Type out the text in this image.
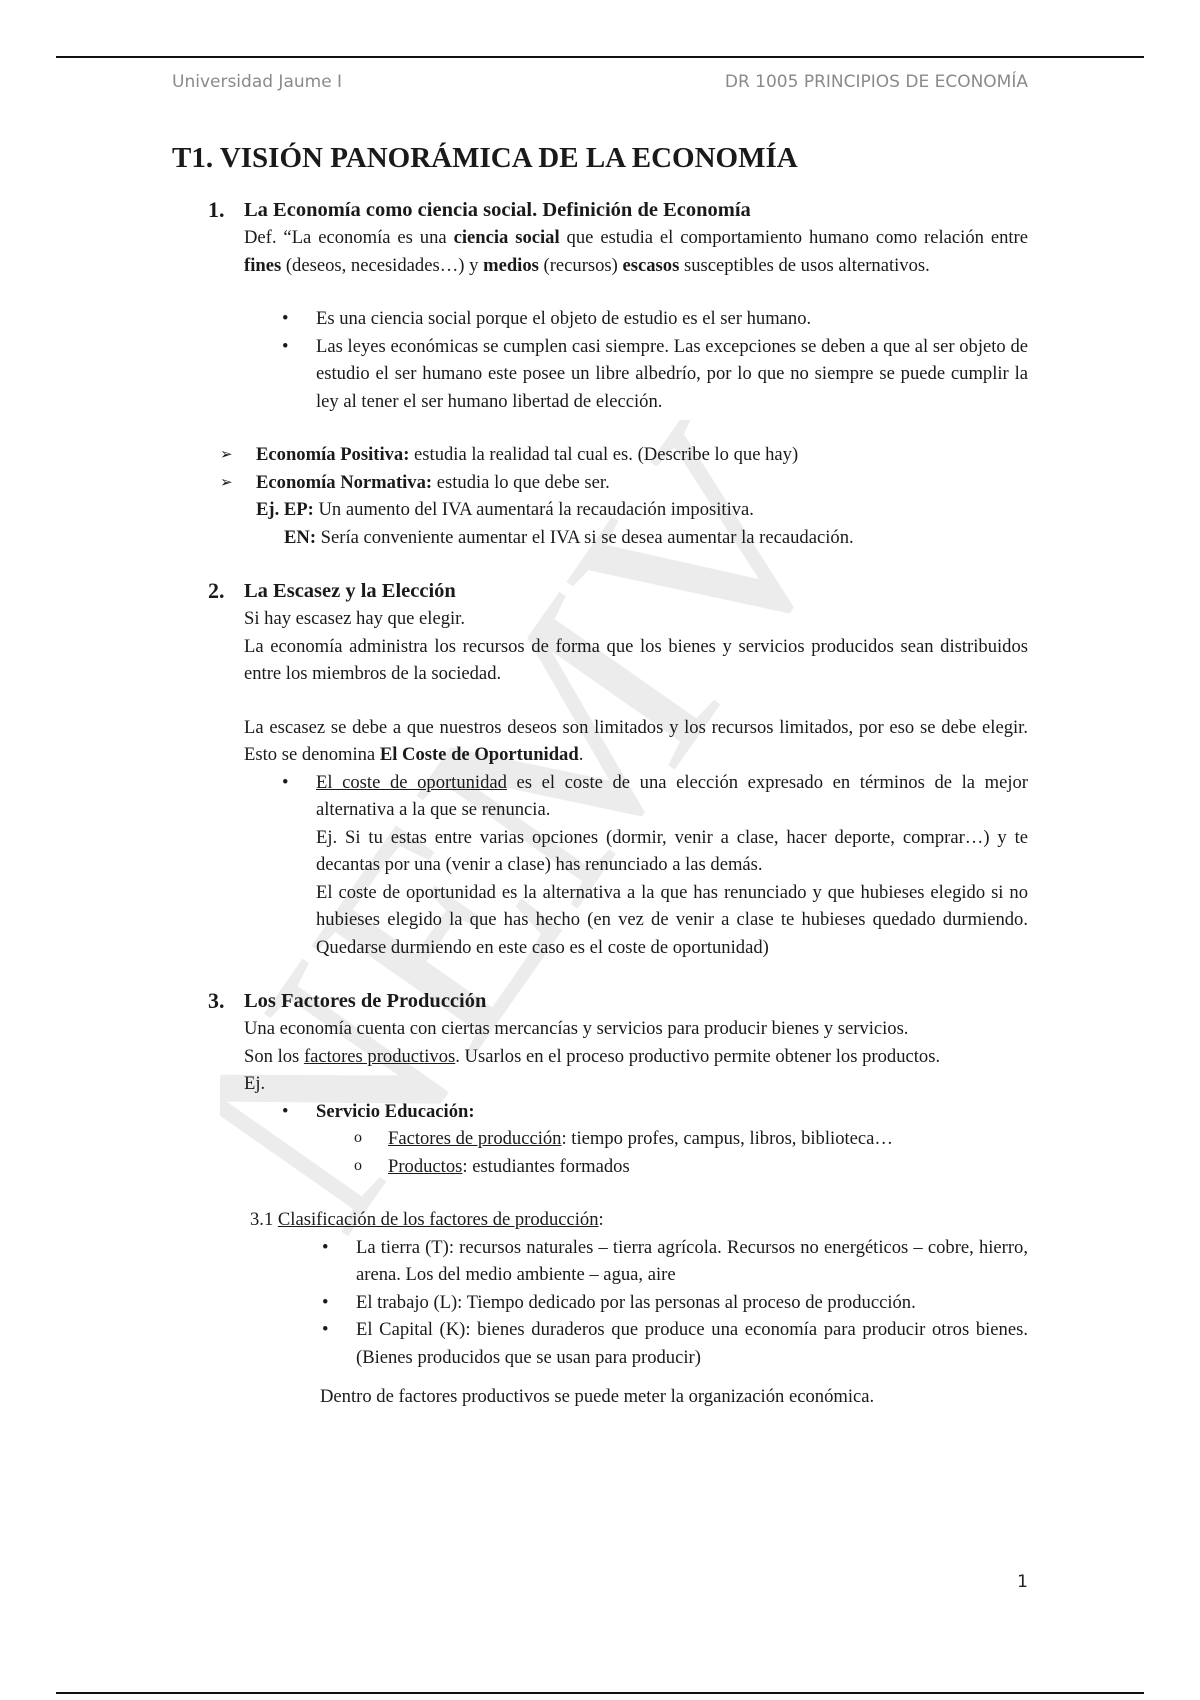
Universidad Jaume I	DR 1005 PRINCIPIOS DE ECONOMÍA
NEMV
T1. VISIÓN PANORÁMICA DE LA ECONOMÍA
1. La Economía como ciencia social. Definición de Economía

Def. “La economía es una ciencia social que estudia el comportamiento humano como relación entre fines (deseos, necesidades…) y medios (recursos) escasos susceptibles de usos alternativos.

• Es una ciencia social porque el objeto de estudio es el ser humano.
• Las leyes económicas se cumplen casi siempre. Las excepciones se deben a que al ser objeto de estudio el ser humano este posee un libre albedrío, por lo que no siempre se puede cumplir la ley al tener el ser humano libertad de elección.
➢ Economía Positiva: estudia la realidad tal cual es. (Describe lo que hay)
➢ Economía Normativa: estudia lo que debe ser.

Ej. EP: Un aumento del IVA aumentará la recaudación impositiva.

EN: Sería conveniente aumentar el IVA si se desea aumentar la recaudación.

2. La Escasez y la Elección

Si hay escasez hay que elegir.

La economía administra los recursos de forma que los bienes y servicios producidos sean distribuidos entre los miembros de la sociedad.

La escasez se debe a que nuestros deseos son limitados y los recursos limitados, por eso se debe elegir. Esto se denomina El Coste de Oportunidad.

• El coste de oportunidad es el coste de una elección expresado en términos de la mejor alternativa a la que se renuncia.
Ej. Si tu estas entre varias opciones (dormir, venir a clase, hacer deporte, comprar…) y te decantas por una (venir a clase) has renunciado a las demás.
El coste de oportunidad es la alternativa a la que has renunciado y que hubieses elegido si no hubieses elegido la que has hecho (en vez de venir a clase te hubieses quedado durmiendo. Quedarse durmiendo en este caso es el coste de oportunidad)
3. Los Factores de Producción

Una economía cuenta con ciertas mercancías y servicios para producir bienes y servicios.

Son los factores productivos. Usarlos en el proceso productivo permite obtener los productos.

Ej.

• Servicio Educación:
o Factores de producción: tiempo profes, campus, libros, biblioteca…
o Productos: estudiantes formados

3.1 Clasificación de los factores de producción:

• La tierra (T): recursos naturales – tierra agrícola. Recursos no energéticos – cobre, hierro, arena. Los del medio ambiente – agua, aire
• El trabajo (L): Tiempo dedicado por las personas al proceso de producción.
• El Capital (K): bienes duraderos que produce una economía para producir otros bienes. (Bienes producidos que se usan para producir)

Dentro de factores productivos se puede meter la organización económica.

1
